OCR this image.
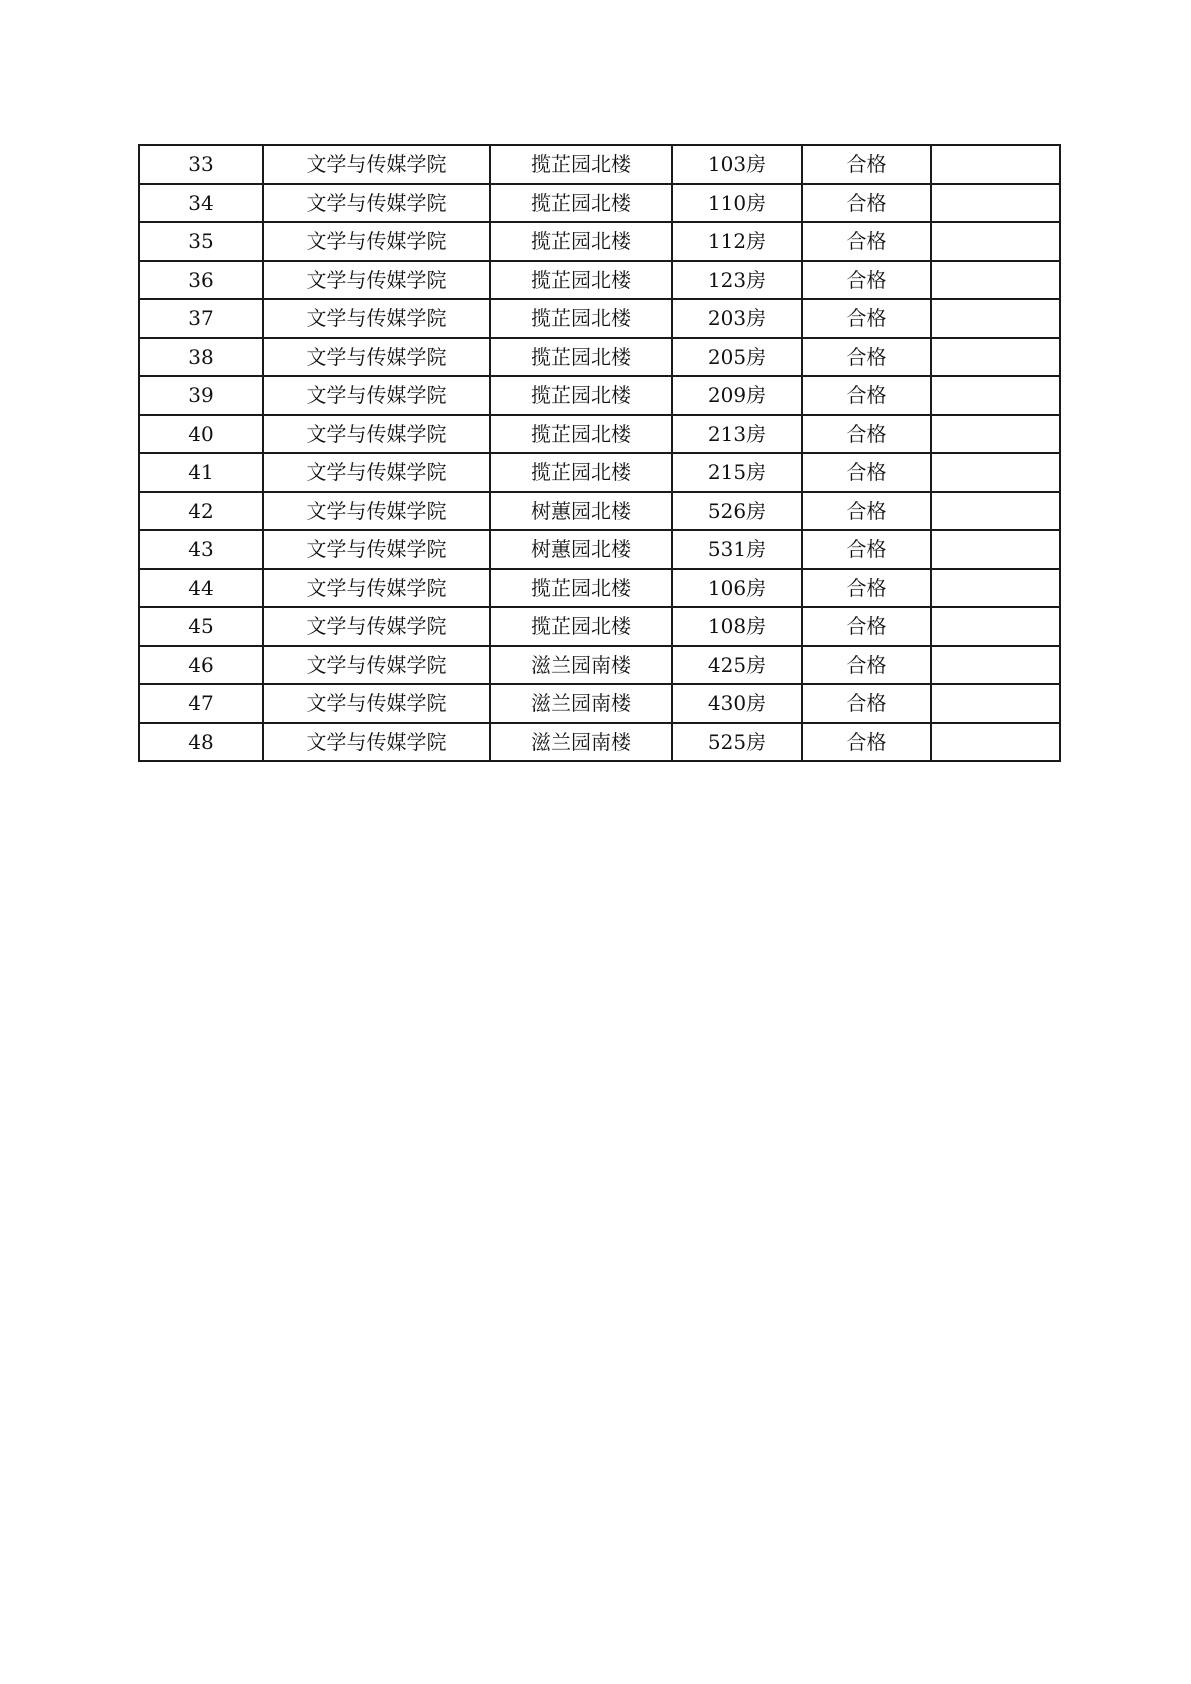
33	文学与传媒学院	揽芷园北楼	103房	合格	
34	文学与传媒学院	揽芷园北楼	110房	合格	
35	文学与传媒学院	揽芷园北楼	112房	合格	
36	文学与传媒学院	揽芷园北楼	123房	合格	
37	文学与传媒学院	揽芷园北楼	203房	合格	
38	文学与传媒学院	揽芷园北楼	205房	合格	
39	文学与传媒学院	揽芷园北楼	209房	合格	
40	文学与传媒学院	揽芷园北楼	213房	合格	
41	文学与传媒学院	揽芷园北楼	215房	合格	
42	文学与传媒学院	树蕙园北楼	526房	合格	
43	文学与传媒学院	树蕙园北楼	531房	合格	
44	文学与传媒学院	揽芷园北楼	106房	合格	
45	文学与传媒学院	揽芷园北楼	108房	合格	
46	文学与传媒学院	滋兰园南楼	425房	合格	
47	文学与传媒学院	滋兰园南楼	430房	合格	
48	文学与传媒学院	滋兰园南楼	525房	合格	
